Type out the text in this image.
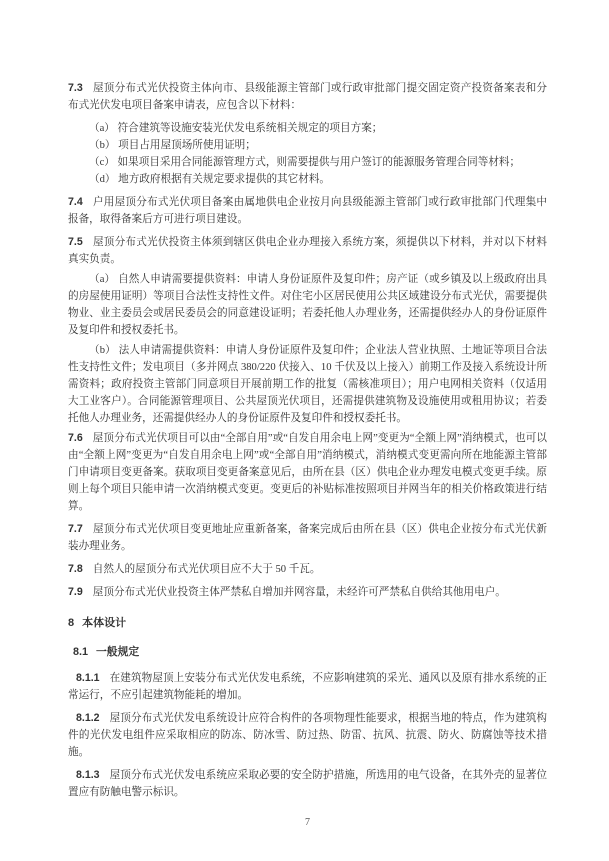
7.3 屋顶分布式光伏投资主体向市、县级能源主管部门或行政审批部门提交固定资产投资备案表和分布式光伏发电项目备案申请表，应包含以下材料：

（a） 符合建筑等设施安装光伏发电系统相关规定的项目方案；

（b） 项目占用屋顶场所使用证明；

（c） 如果项目采用合同能源管理方式，则需要提供与用户签订的能源服务管理合同等材料；

（d） 地方政府根据有关规定要求提供的其它材料。

7.4 户用屋顶分布式光伏项目备案由属地供电企业按月向县级能源主管部门或行政审批部门代理集中报备，取得备案后方可进行项目建设。

7.5 屋顶分布式光伏投资主体须到辖区供电企业办理接入系统方案，须提供以下材料，并对以下材料真实负责。

（a） 自然人申请需要提供资料：申请人身份证原件及复印件；房产证（或乡镇及以上级政府出具的房屋使用证明）等项目合法性支持性文件。对住宅小区居民使用公共区域建设分布式光伏，需要提供物业、业主委员会或居民委员会的同意建设证明；若委托他人办理业务，还需提供经办人的身份证原件及复印件和授权委托书。

（b） 法人申请需提供资料：申请人身份证原件及复印件；企业法人营业执照、土地证等项目合法性支持性文件；发电项目（多并网点 380/220 伏接入、10 千伏及以上接入）前期工作及接入系统设计所需资料；政府投资主管部门同意项目开展前期工作的批复（需核准项目）；用户电网相关资料（仅适用大工业客户）。合同能源管理项目、公共屋顶光伏项目，还需提供建筑物及设施使用或租用协议；若委托他人办理业务，还需提供经办人的身份证原件及复印件和授权委托书。

7.6 屋顶分布式光伏项目可以由“全部自用”或“自发自用余电上网”变更为“全额上网”消纳模式，也可以由“全额上网”变更为“自发自用余电上网”或“全部自用”消纳模式，消纳模式变更需向所在地能源主管部门申请项目变更备案。获取项目变更备案意见后，由所在县（区）供电企业办理发电模式变更手续。原则上每个项目只能申请一次消纳模式变更。变更后的补贴标准按照项目并网当年的相关价格政策进行结算。

7.7 屋顶分布式光伏项目变更地址应重新备案，备案完成后由所在县（区）供电企业按分布式光伏新装办理业务。

7.8 自然人的屋顶分布式光伏项目应不大于 50 千瓦。

7.9 屋顶分布式光伏业投资主体严禁私自增加并网容量，未经许可严禁私自供给其他用电户。

8 本体设计

8.1 一般规定

8.1.1 在建筑物屋顶上安装分布式光伏发电系统，不应影响建筑的采光、通风以及原有排水系统的正常运行，不应引起建筑物能耗的增加。

8.1.2 屋顶分布式光伏发电系统设计应符合构件的各项物理性能要求，根据当地的特点，作为建筑构件的光伏发电组件应采取相应的防冻、防冰雪、防过热、防雷、抗风、抗震、防火、防腐蚀等技术措施。

8.1.3 屋顶分布式光伏发电系统应采取必要的安全防护措施，所选用的电气设备，在其外壳的显著位置应有防触电警示标识。

7
